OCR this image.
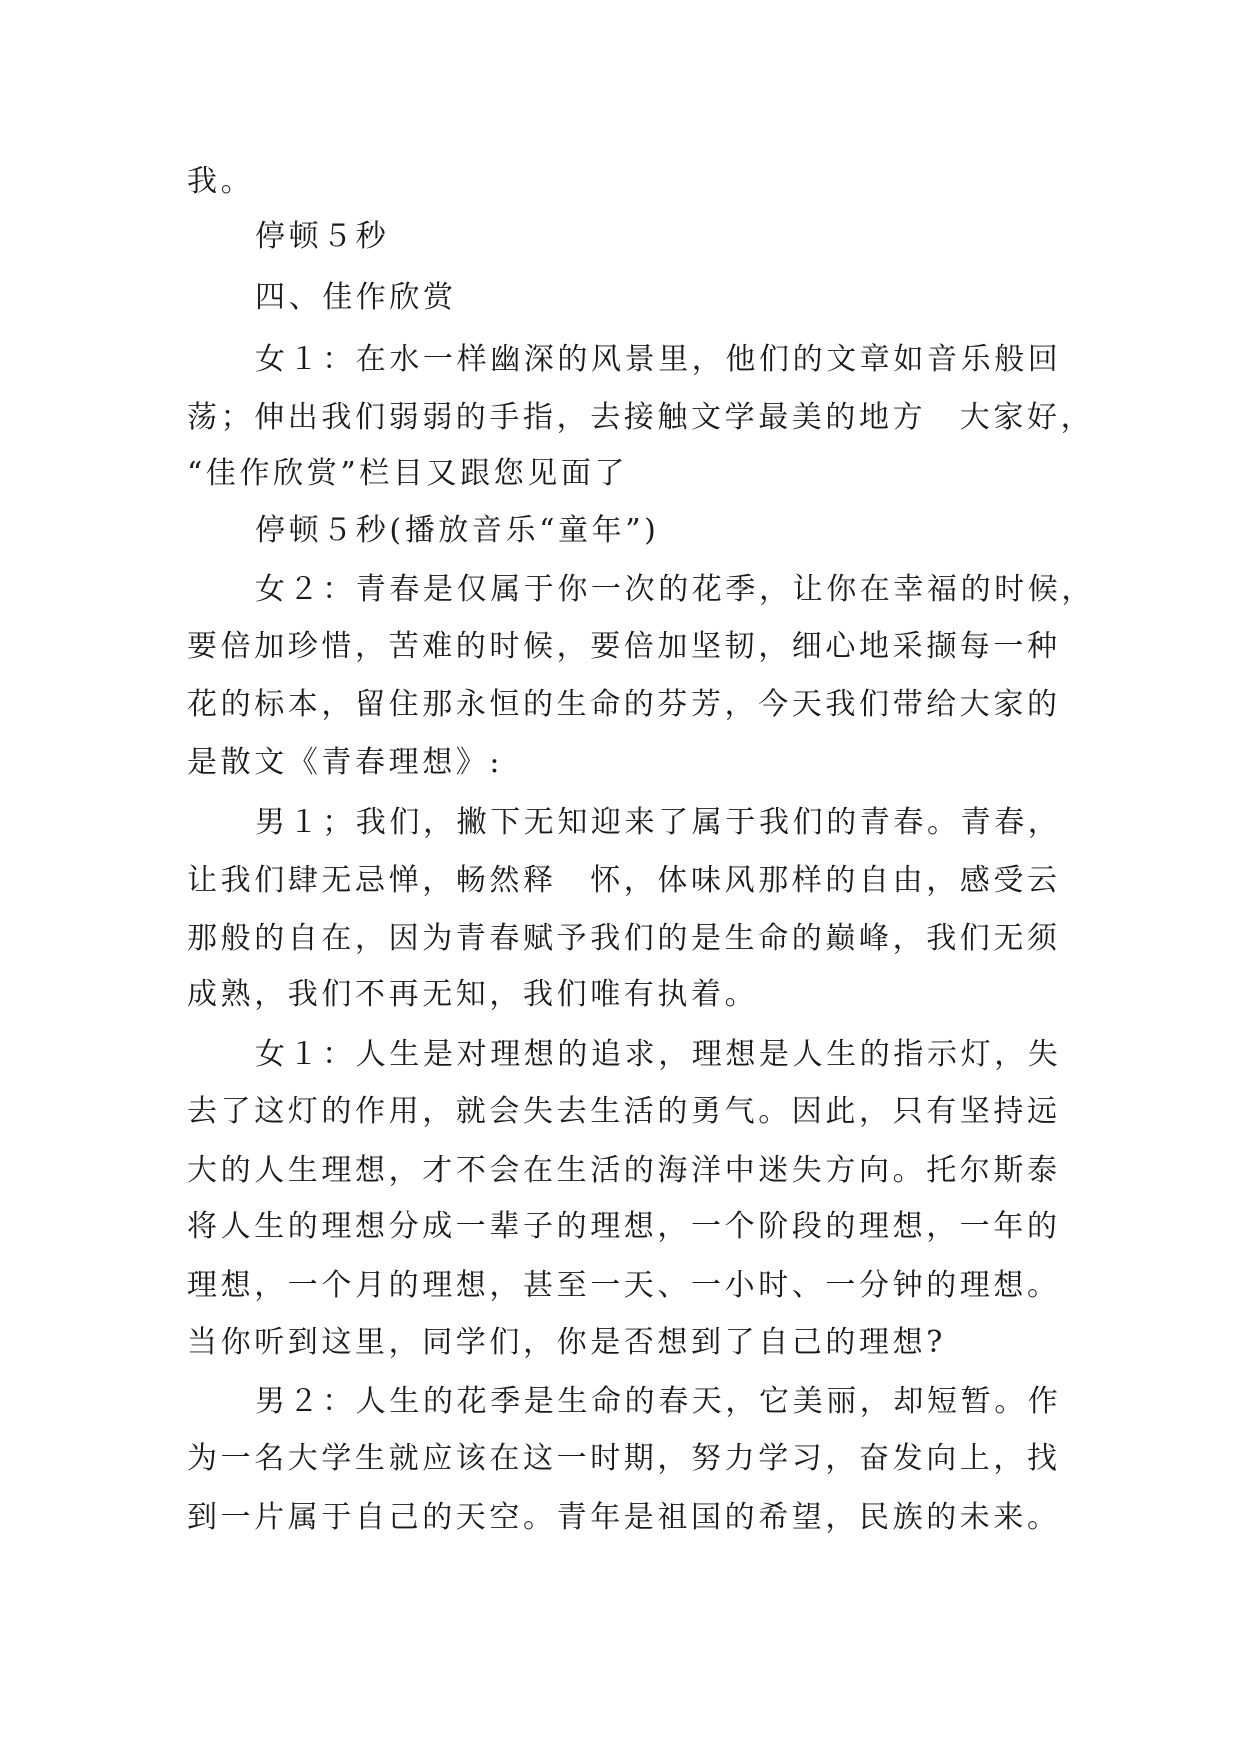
我。
停顿５秒
四、佳作欣赏
女１：在水一样幽深的风景里，他们的文章如音乐般回
荡；伸出我们弱弱的手指，去接触文学最美的地方　大家好，
“佳作欣赏”栏目又跟您见面了
停顿５秒(播放音乐“童年”)
女２：青春是仅属于你一次的花季，让你在幸福的时候，
要倍加珍惜，苦难的时候，要倍加坚韧，细心地采撷每一种
花的标本，留住那永恒的生命的芬芳，今天我们带给大家的
是散文《青春理想》:
男１；我们，撇下无知迎来了属于我们的青春。青春，
让我们肆无忌惮，畅然释　怀，体味风那样的自由，感受云
那般的自在，因为青春赋予我们的是生命的巅峰，我们无须
成熟，我们不再无知，我们唯有执着。
女１：人生是对理想的追求，理想是人生的指示灯，失
去了这灯的作用，就会失去生活的勇气。因此，只有坚持远
大的人生理想，才不会在生活的海洋中迷失方向。托尔斯泰
将人生的理想分成一辈子的理想，一个阶段的理想，一年的
理想，一个月的理想，甚至一天、一小时、一分钟的理想。
当你听到这里，同学们，你是否想到了自己的理想?
男２：人生的花季是生命的春天，它美丽，却短暂。作
为一名大学生就应该在这一时期，努力学习，奋发向上，找
到一片属于自己的天空。青年是祖国的希望，民族的未来。
